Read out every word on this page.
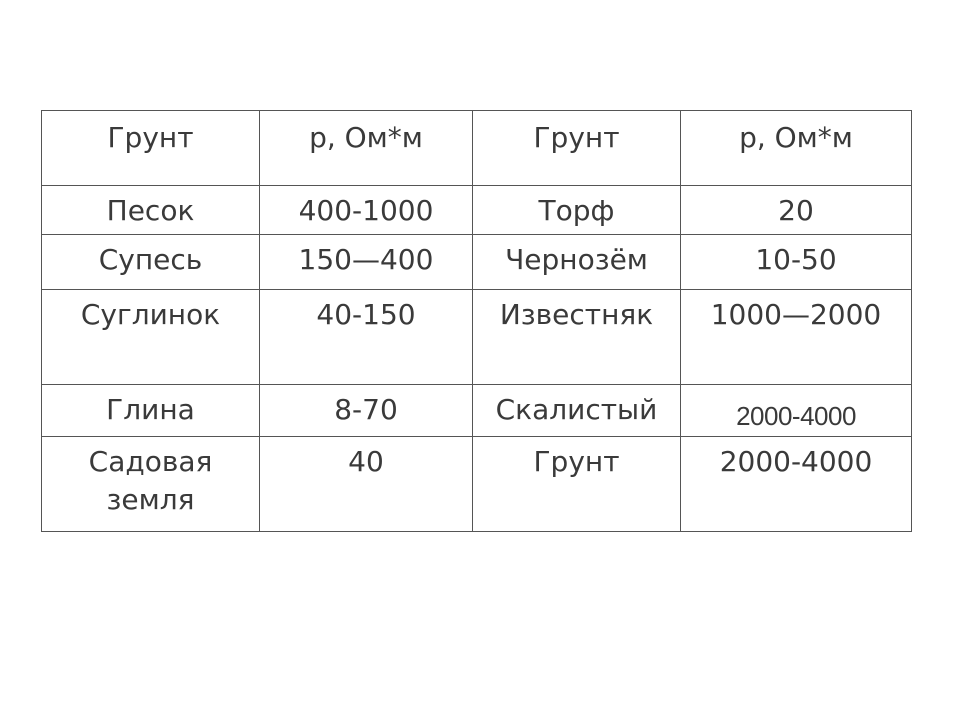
Грунт	р, Ом*м	Грунт	р, Ом*м
Песок	400-1000	Торф	20
Супесь	150—400	Чернозём	10-50
Суглинок	40-150	Известняк	1000—2000
Глина	8-70	Скалистый	2000-4000
Садовая земля	40	Грунт	2000-4000
